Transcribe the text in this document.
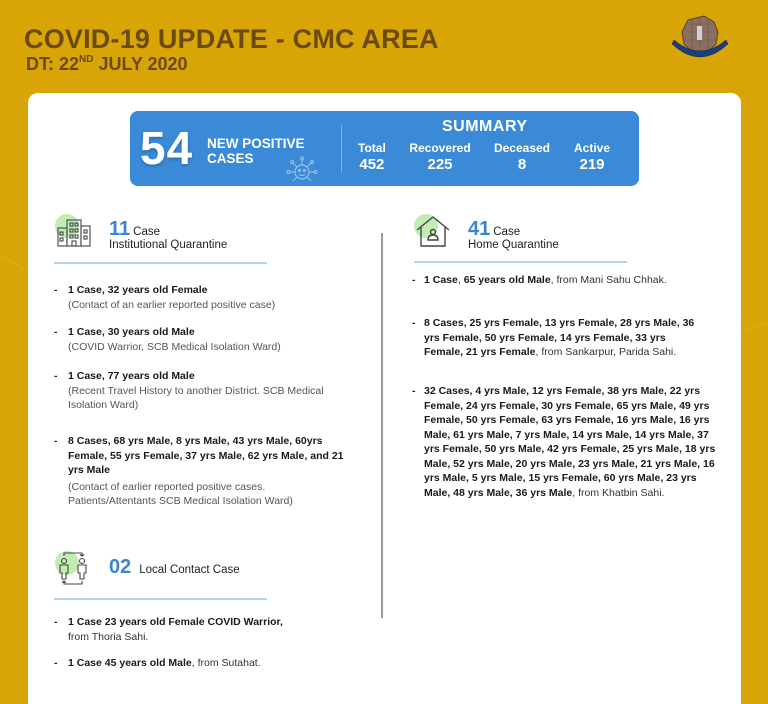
COVID-19 UPDATE - CMC AREA
DT: 22ND JULY 2020
54 NEW POSITIVE CASES
SUMMARY
Total
452
Recovered
225
Deceased
8
Active
219
11 Case
Institutional Quarantine
- 1 Case, 32 years old Female
(Contact of an earlier reported positive case)
- 1 Case, 30 years old Male
(COVID Warrior, SCB Medical Isolation Ward)
- 1 Case, 77 years old Male
(Recent Travel History to another District. SCB Medical Isolation Ward)
- 8 Cases, 68 yrs Male, 8 yrs Male, 43 yrs Male, 60yrs Female, 55 yrs Female, 37 yrs Male, 62 yrs Male, and 21 yrs Male
(Contact of earlier reported positive cases. Patients/Attentants SCB Medical Isolation Ward)
02 Local Contact Case
- 1 Case 23 years old Female COVID Warrior,
from Thoria Sahi.
- 1 Case 45 years old Male, from Sutahat.
41 Case
Home Quarantine
- 1 Case, 65 years old Male, from Mani Sahu Chhak.
- 8 Cases, 25 yrs Female, 13 yrs Female, 28 yrs Male, 36 yrs Female, 50 yrs Female, 14 yrs Female, 33 yrs Female, 21 yrs Female, from Sankarpur, Parida Sahi.
- 32 Cases, 4 yrs Male, 12 yrs Female, 38 yrs Male, 22 yrs Female, 24 yrs Female, 30 yrs Female, 65 yrs Male, 49 yrs Female, 50 yrs Female, 63 yrs Female, 16 yrs Male, 16 yrs Male, 61 yrs Male, 7 yrs Male, 14 yrs Male, 14 yrs Male, 37 yrs Female, 50 yrs Male, 42 yrs Female, 25 yrs Male, 18 yrs Male, 52 yrs Male, 20 yrs Male, 23 yrs Male, 21 yrs Male, 16 yrs Male, 5 yrs Male, 15 yrs Female, 60 yrs Male, 23 yrs Male, 48 yrs Male, 36 yrs Male, from Khatbin Sahi.
